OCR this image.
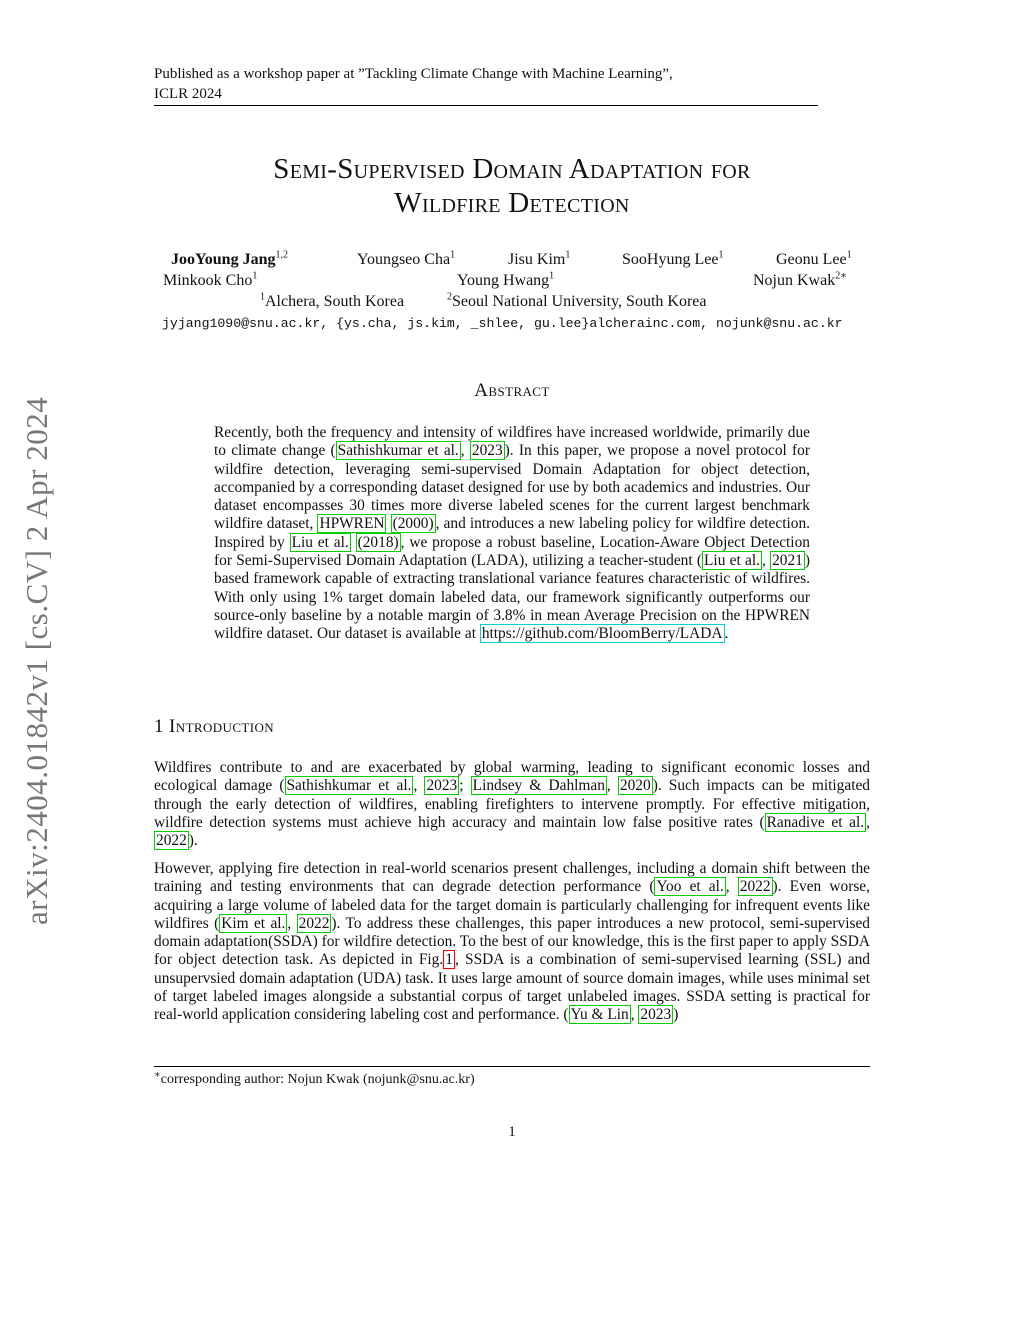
Published as a workshop paper at ”Tackling Climate Change with Machine Learning”,
ICLR 2024
arXiv:2404.01842v1 [cs.CV] 2 Apr 2024
Semi-Supervised Domain Adaptation for
Wildfire Detection
JooYoung Jang$^{1,2}$	Youngseo Cha$^1$	Jisu Kim$^1$	SooHyung Lee$^1$	Geonu Lee$^1$
Minkook Cho$^1$	Young Hwang$^1$	Nojun Kwak$^{2∗}$
$^1$Alchera, South Korea	$^2$Seoul National University, South Korea
jyjang1090@snu.ac.kr, {ys.cha, js.kim, _shlee, gu.lee}alcherainc.com, nojunk@snu.ac.kr
Abstract
Recently, both the frequency and intensity of wildfires have increased worldwide, primarily due to climate change ( Sathishkumar et al. , 2023 ). In this paper, we propose a novel protocol for wildfire detection, leveraging semi-supervised Domain Adaptation for object detection, accompanied by a corresponding dataset designed for use by both academics and industries. Our dataset encompasses 30 times more diverse labeled scenes for the current largest benchmark wildfire dataset, HPWREN (2000) , and introduces a new labeling policy for wildfire detection. Inspired by Liu et al. (2018) , we propose a robust baseline, Location-Aware Object Detection for Semi-Supervised Domain Adaptation (LADA), utilizing a teacher-student ( Liu et al. , 2021 ) based framework capable of extracting translational variance features characteristic of wildfires. With only using 1% target domain labeled data, our framework significantly outperforms our source-only baseline by a notable margin of 3.8% in mean Average Precision on the HPWREN wildfire dataset. Our dataset is available at https://github.com/BloomBerry/LADA .
1 Introduction
Wildfires contribute to and are exacerbated by global warming, leading to significant economic losses and ecological damage ( Sathishkumar et al. , 2023 ; Lindsey & Dahlman , 2020 ). Such impacts can be mitigated through the early detection of wildfires, enabling firefighters to intervene promptly. For effective mitigation, wildfire detection systems must achieve high accuracy and maintain low false positive rates ( Ranadive et al. , 2022 ).
However, applying fire detection in real-world scenarios present challenges, including a domain shift between the training and testing environments that can degrade detection performance ( Yoo et al. , 2022 ). Even worse, acquiring a large volume of labeled data for the target domain is particularly challenging for infrequent events like wildfires ( Kim et al. , 2022 ). To address these challenges, this paper introduces a new protocol, semi-supervised domain adaptation(SSDA) for wildfire detection. To the best of our knowledge, this is the first paper to apply SSDA for object detection task. As depicted in Fig. 1 , SSDA is a combination of semi-supervised learning (SSL) and unsupervsied domain adaptation (UDA) task. It uses large amount of source domain images, while uses minimal set of target labeled images alongside a substantial corpus of target unlabeled images. SSDA setting is practical for real-world application considering labeling cost and performance. ( Yu & Lin , 2023 )
∗corresponding author: Nojun Kwak (nojunk@snu.ac.kr)
1
